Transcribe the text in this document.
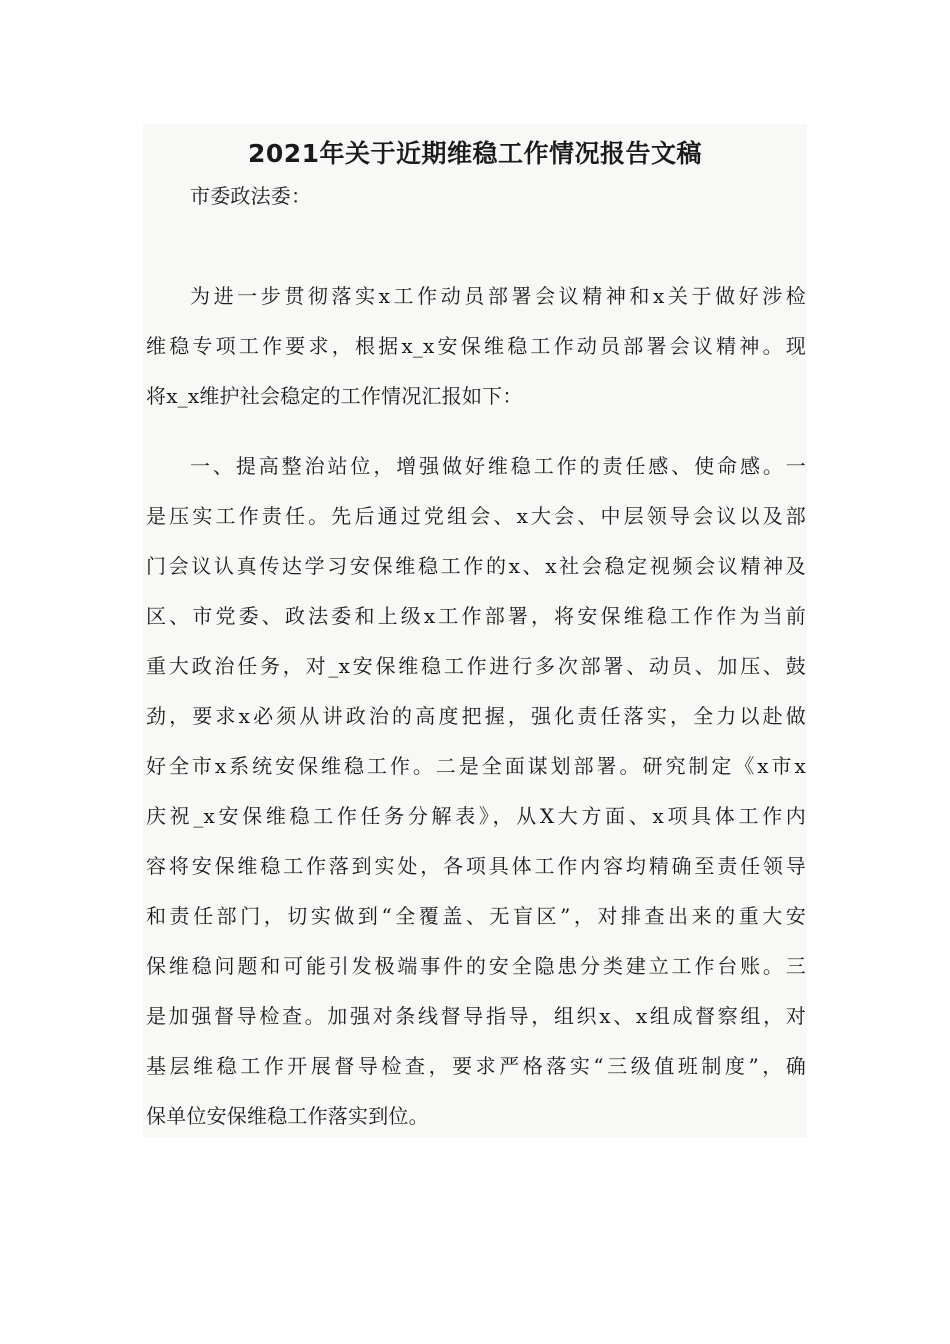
2021年关于近期维稳工作情况报告文稿
市委政法委：
为进一步贯彻落实x工作动员部署会议精神和x关于做好涉检
维稳专项工作要求，根据x_x安保维稳工作动员部署会议精神。现
将x_x维护社会稳定的工作情况汇报如下：
一、提高整治站位，增强做好维稳工作的责任感、使命感。一
是压实工作责任。先后通过党组会、x大会、中层领导会议以及部
门会议认真传达学习安保维稳工作的x、x社会稳定视频会议精神及
区、市党委、政法委和上级x工作部署，将安保维稳工作作为当前
重大政治任务，对_x安保维稳工作进行多次部署、动员、加压、鼓
劲，要求x必须从讲政治的高度把握，强化责任落实，全力以赴做
好全市x系统安保维稳工作。二是全面谋划部署。研究制定《x市x
庆祝_x安保维稳工作任务分解表》，从X大方面、x项具体工作内
容将安保维稳工作落到实处，各项具体工作内容均精确至责任领导
和责任部门，切实做到“全覆盖、无盲区”，对排查出来的重大安
保维稳问题和可能引发极端事件的安全隐患分类建立工作台账。三
是加强督导检查。加强对条线督导指导，组织x、x组成督察组，对
基层维稳工作开展督导检查，要求严格落实“三级值班制度”，确
保单位安保维稳工作落实到位。
